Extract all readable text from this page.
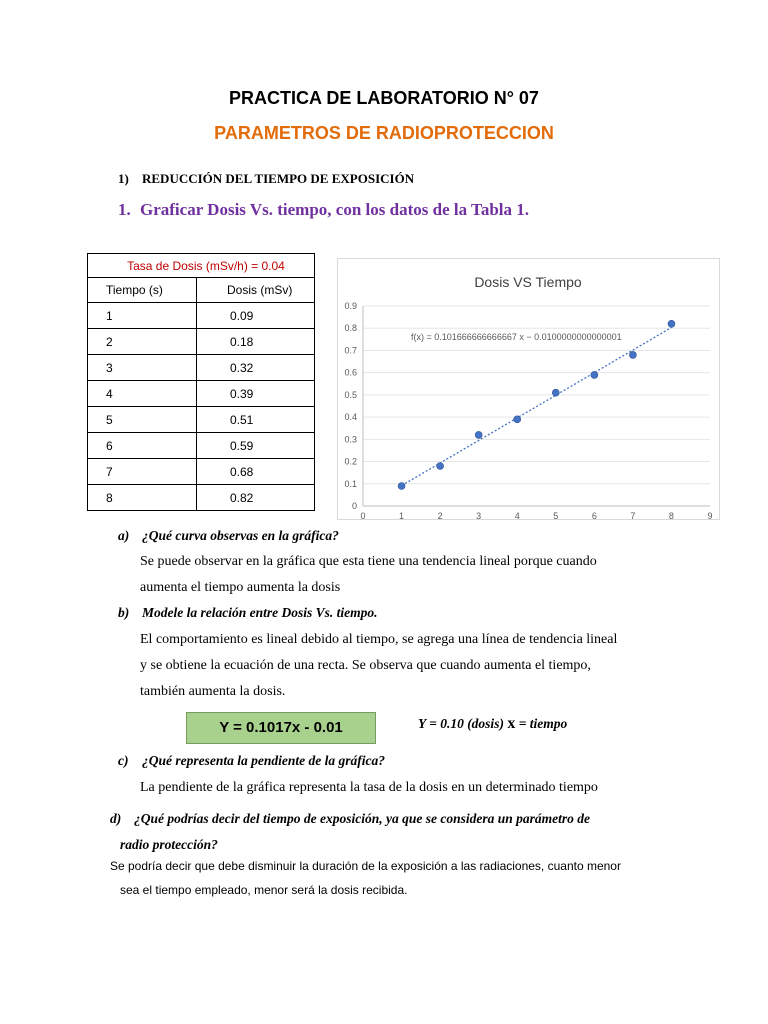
PRACTICA DE LABORATORIO N° 07
PARAMETROS DE RADIOPROTECCION
1) REDUCCIÓN DEL TIEMPO DE EXPOSICIÓN
1. Graficar Dosis Vs. tiempo, con los datos de la Tabla 1.
Tasa de Dosis (mSv/h) = 0.04	
Tiempo (s)	Dosis (mSv)
1	0.09
2	0.18
3	0.32
4	0.39
5	0.51
6	0.59
7	0.68
8	0.82
Dosis VS Tiempo
0
0.1
0.2
0.3
0.4
0.5
0.6
0.7
0.8
0.9
0	1	2	3	4	5	6	7	8	9
f(x) = 0.101666666666667 x − 0.0100000000000001
a) ¿Qué curva observas en la gráfica?
Se puede observar en la gráfica que esta tiene una tendencia lineal porque cuando
aumenta el tiempo aumenta la dosis
b) Modele la relación entre Dosis Vs. tiempo.
El comportamiento es lineal debido al tiempo, se agrega una línea de tendencia lineal
y se obtiene la ecuación de una recta. Se observa que cuando aumenta el tiempo,
también aumenta la dosis.
Y = 0.1017x - 0.01	Y = 0.10 (dosis) x = tiempo
c) ¿Qué representa la pendiente de la gráfica?
La pendiente de la gráfica representa la tasa de la dosis en un determinado tiempo
d) ¿Qué podrías decir del tiempo de exposición, ya que se considera un parámetro de
radio protección?
Se podría decir que debe disminuir la duración de la exposición a las radiaciones, cuanto menor
sea el tiempo empleado, menor será la dosis recibida.
